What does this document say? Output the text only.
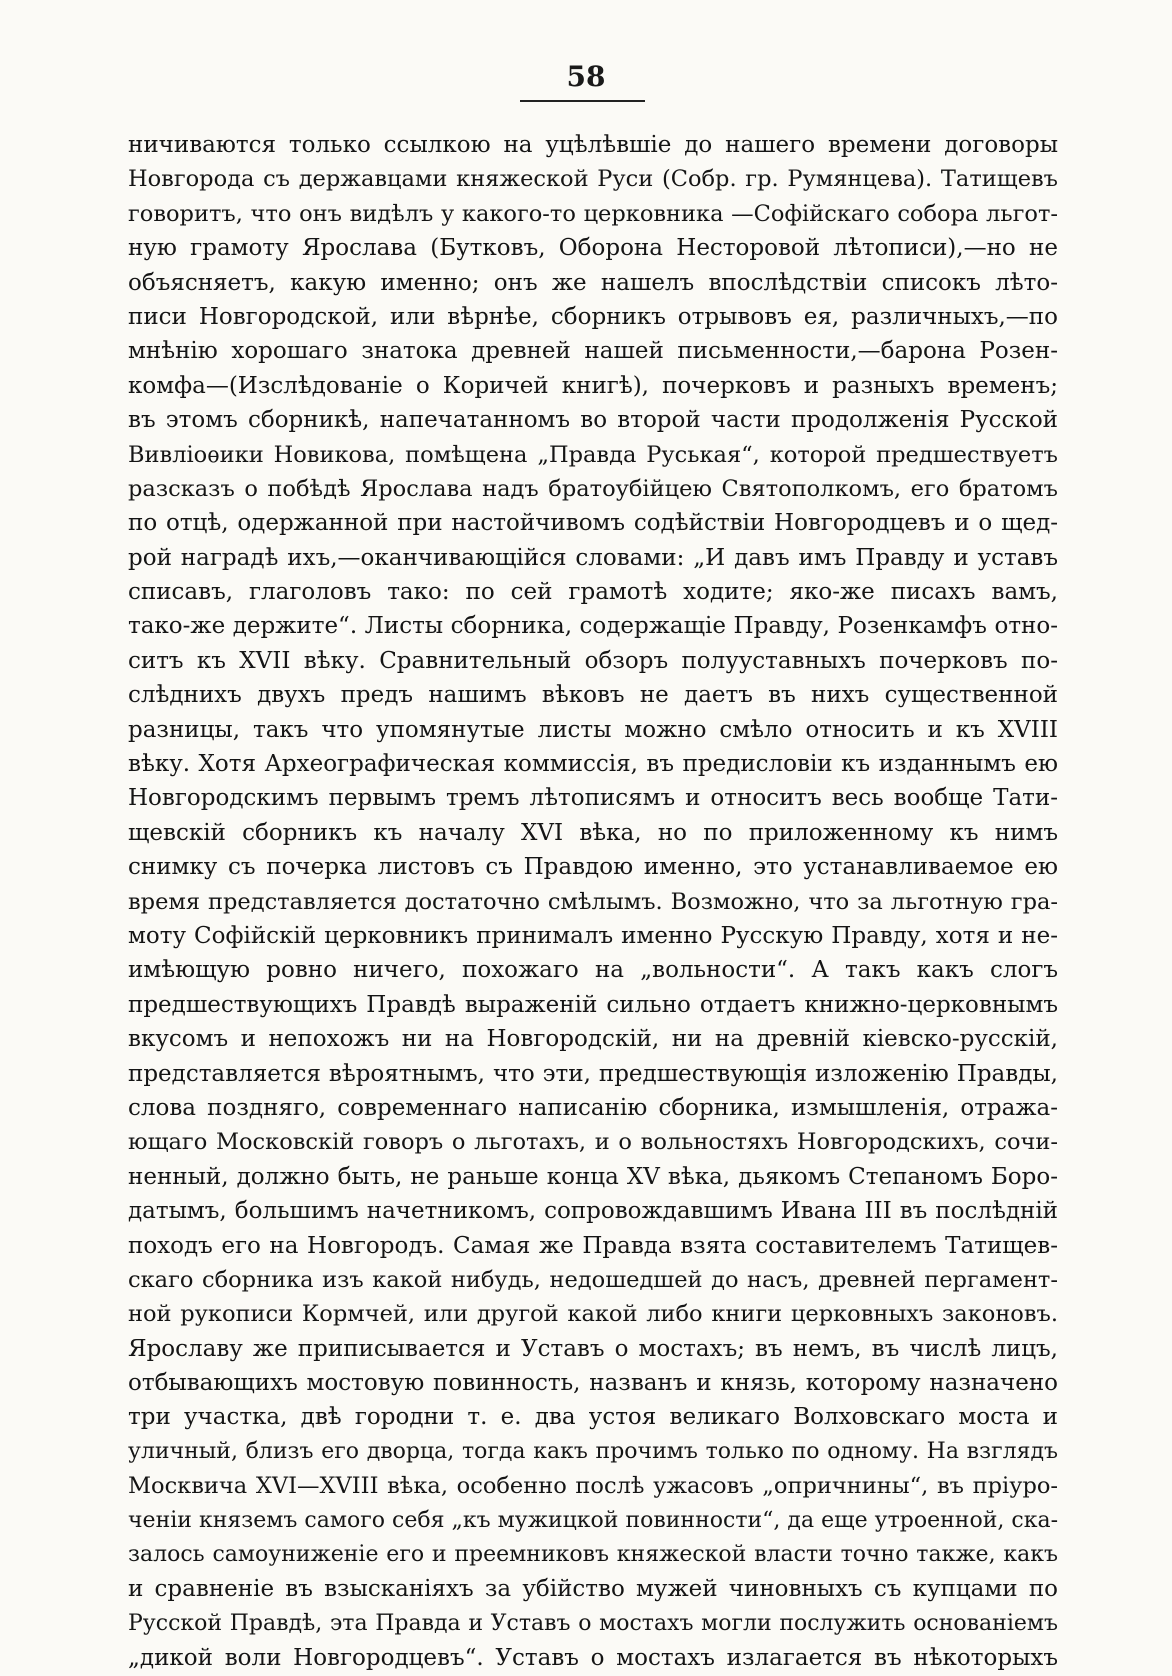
58
ничиваются только ссылкою на уцѣлѣвшіе до нашего времени договоры
Новгорода съ державцами княжеской Руси (Собр. гр. Румянцева). Татищевъ
говоритъ, что онъ видѣлъ у какого-то церковника —Софійскаго собора льгот-
ную грамоту Ярослава (Бутковъ, Оборона Несторовой лѣтописи),—но не
объясняетъ, какую именно; онъ же нашелъ впослѣдствіи списокъ лѣто-
писи Новгородской, или вѣрнѣе, сборникъ отрывовъ ея, различныхъ,—по
мнѣнію хорошаго знатока древней нашей письменности,—барона Розен-
комфа—(Изслѣдованіе о Коричей книгѣ), почерковъ и разныхъ временъ;
въ этомъ сборникѣ, напечатанномъ во второй части продолженія Русской
Вивліоѳики Новикова, помѣщена „Правда Руськая“, которой предшествуетъ
разсказъ о побѣдѣ Ярослава надъ братоубійцею Святополкомъ, его братомъ
по отцѣ, одержанной при настойчивомъ содѣйствіи Новгородцевъ и о щед-
рой наградѣ ихъ,—оканчивающійся словами: „И давъ имъ Правду и уставъ
списавъ, глаголовъ тако: по сей грамотѣ ходите; яко-же писахъ вамъ,
тако-же держите“. Листы сборника, содержащіе Правду, Розенкамфъ отно-
ситъ къ XVII вѣку. Сравнительный обзоръ полууставныхъ почерковъ по-
слѣднихъ двухъ предъ нашимъ вѣковъ не даетъ въ нихъ существенной
разницы, такъ что упомянутые листы можно смѣло относить и къ XVIII
вѣку. Хотя Археографическая коммиссія, въ предисловіи къ изданнымъ ею
Новгородскимъ первымъ тремъ лѣтописямъ и относитъ весь вообще Тати-
щевскій сборникъ къ началу XVI вѣка, но по приложенному къ нимъ
снимку съ почерка листовъ съ Правдою именно, это устанавливаемое ею
время представляется достаточно смѣлымъ. Возможно, что за льготную гра-
моту Софійскій церковникъ принималъ именно Русскую Правду, хотя и не-
имѣющую ровно ничего, похожаго на „вольности“. А такъ какъ слогъ
предшествующихъ Правдѣ выраженій сильно отдаетъ книжно-церковнымъ
вкусомъ и непохожъ ни на Новгородскій, ни на древній кіевско-русскій,
представляется вѣроятнымъ, что эти, предшествующія изложенію Правды,
слова поздняго, современнаго написанію сборника, измышленія, отража-
ющаго Московскій говоръ о льготахъ, и о вольностяхъ Новгородскихъ, сочи-
ненный, должно быть, не раньше конца XV вѣка, дьякомъ Степаномъ Боро-
датымъ, большимъ начетникомъ, сопровождавшимъ Ивана III въ послѣдній
походъ его на Новгородъ. Самая же Правда взята составителемъ Татищев-
скаго сборника изъ какой нибудь, недошедшей до насъ, древней пергамент-
ной рукописи Кормчей, или другой какой либо книги церковныхъ законовъ.
Ярославу же приписывается и Уставъ о мостахъ; въ немъ, въ числѣ лицъ,
отбывающихъ мостовую повинность, названъ и князь, которому назначено
три участка, двѣ городни т. е. два устоя великаго Волховскаго моста и
уличный, близъ его дворца, тогда какъ прочимъ только по одному. На взглядъ
Москвича XVI—XVIII вѣка, особенно послѣ ужасовъ „опричнины“, въ пріуро-
ченіи княземъ самого себя „къ мужицкой повинности“, да еще утроенной, ска-
залось самоуниженіе его и преемниковъ княжеской власти точно также, какъ
и сравненіе въ взысканіяхъ за убійство мужей чиновныхъ съ купцами по
Русской Правдѣ, эта Правда и Уставъ о мостахъ могли послужить основаніемъ
„дикой воли Новгородцевъ“. Уставъ о мостахъ излагается въ нѣкоторыхъ
